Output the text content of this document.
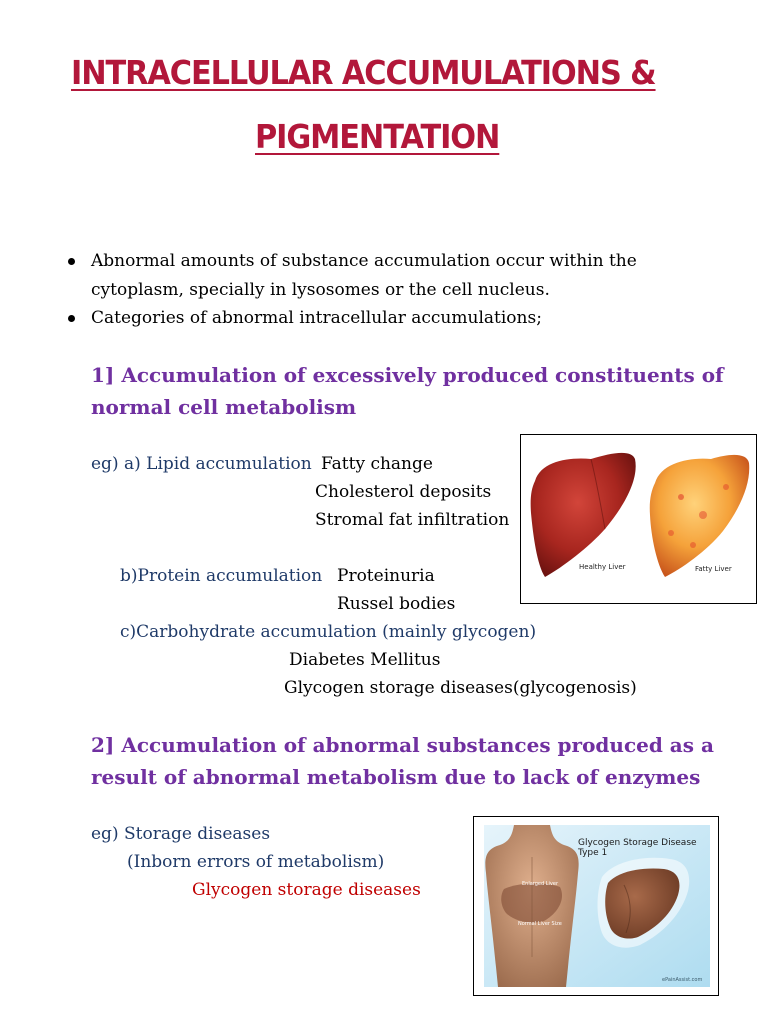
INTRACELLULAR ACCUMULATIONS &
PIGMENTATION
Abnormal amounts of substance accumulation occur within the
cytoplasm, specially in lysosomes or the cell nucleus.
Categories of abnormal intracellular accumulations;
1] Accumulation of excessively produced constituents of
normal cell metabolism
eg) a) Lipid accumulation Fatty change
Cholesterol deposits
Stromal fat infiltration
b)Protein accumulation Proteinuria
Russel bodies
c)Carbohydrate accumulation (mainly glycogen)
Diabetes Mellitus
Glycogen storage diseases(glycogenosis)
Healthy Liver	Fatty Liver
2] Accumulation of abnormal substances produced as a
result of abnormal metabolism due to lack of enzymes
eg) Storage diseases
(Inborn errors of metabolism)
Glycogen storage diseases
Glycogen Storage Disease Type 1
Enlarged Liver
Normal Liver Size
ePainAssist.com
